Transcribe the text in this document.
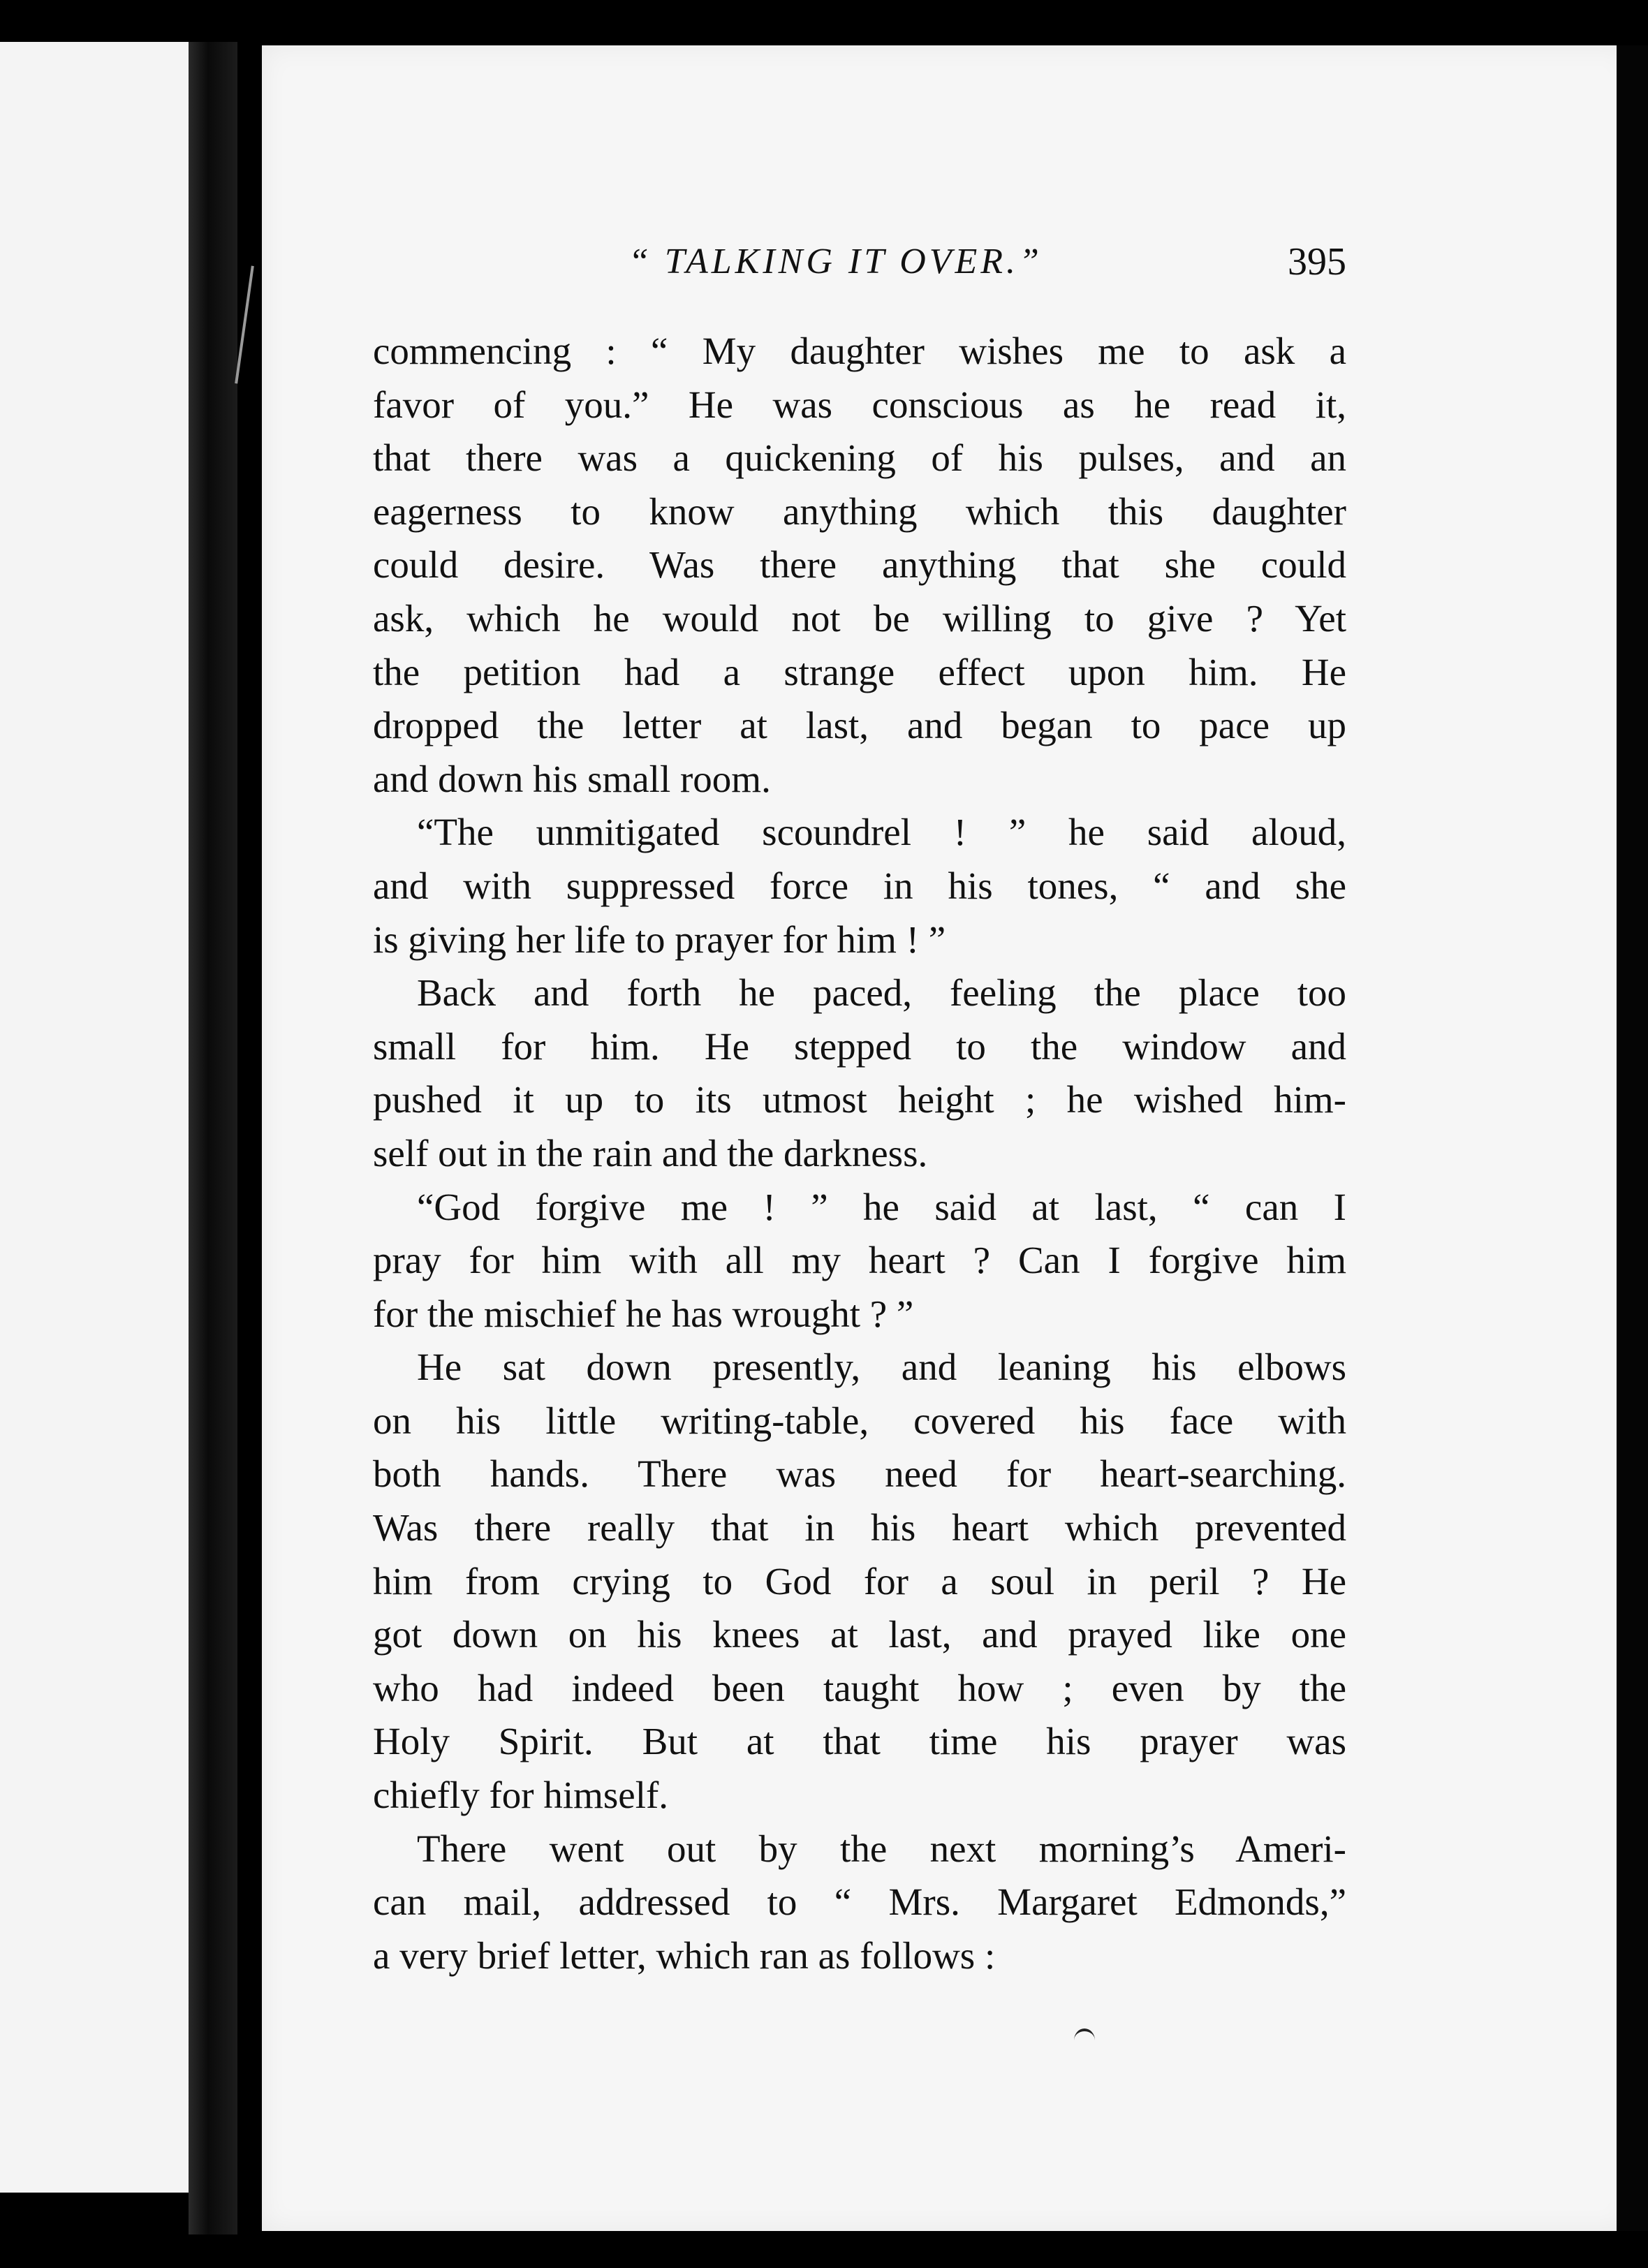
“ TALKING IT OVER.”	395
commencing : “ My daughter wishes me to ask a
favor of you.” He was conscious as he read it,
that there was a quickening of his pulses, and an
eagerness to know anything which this daughter
could desire. Was there anything that she could
ask, which he would not be willing to give ? Yet
the petition had a strange effect upon him. He
dropped the letter at last, and began to pace up
and down his small room.
“The unmitigated scoundrel ! ” he said aloud,
and with suppressed force in his tones, “ and she
is giving her life to prayer for him ! ”
Back and forth he paced, feeling the place too
small for him. He stepped to the window and
pushed it up to its utmost height ; he wished him-
self out in the rain and the darkness.
“God forgive me ! ” he said at last, “ can I
pray for him with all my heart ? Can I forgive him
for the mischief he has wrought ? ”
He sat down presently, and leaning his elbows
on his little writing-table, covered his face with
both hands. There was need for heart-searching.
Was there really that in his heart which prevented
him from crying to God for a soul in peril ? He
got down on his knees at last, and prayed like one
who had indeed been taught how ; even by the
Holy Spirit. But at that time his prayer was
chiefly for himself.
There went out by the next morning’s Ameri-
can mail, addressed to “ Mrs. Margaret Edmonds,”
a very brief letter, which ran as follows :
